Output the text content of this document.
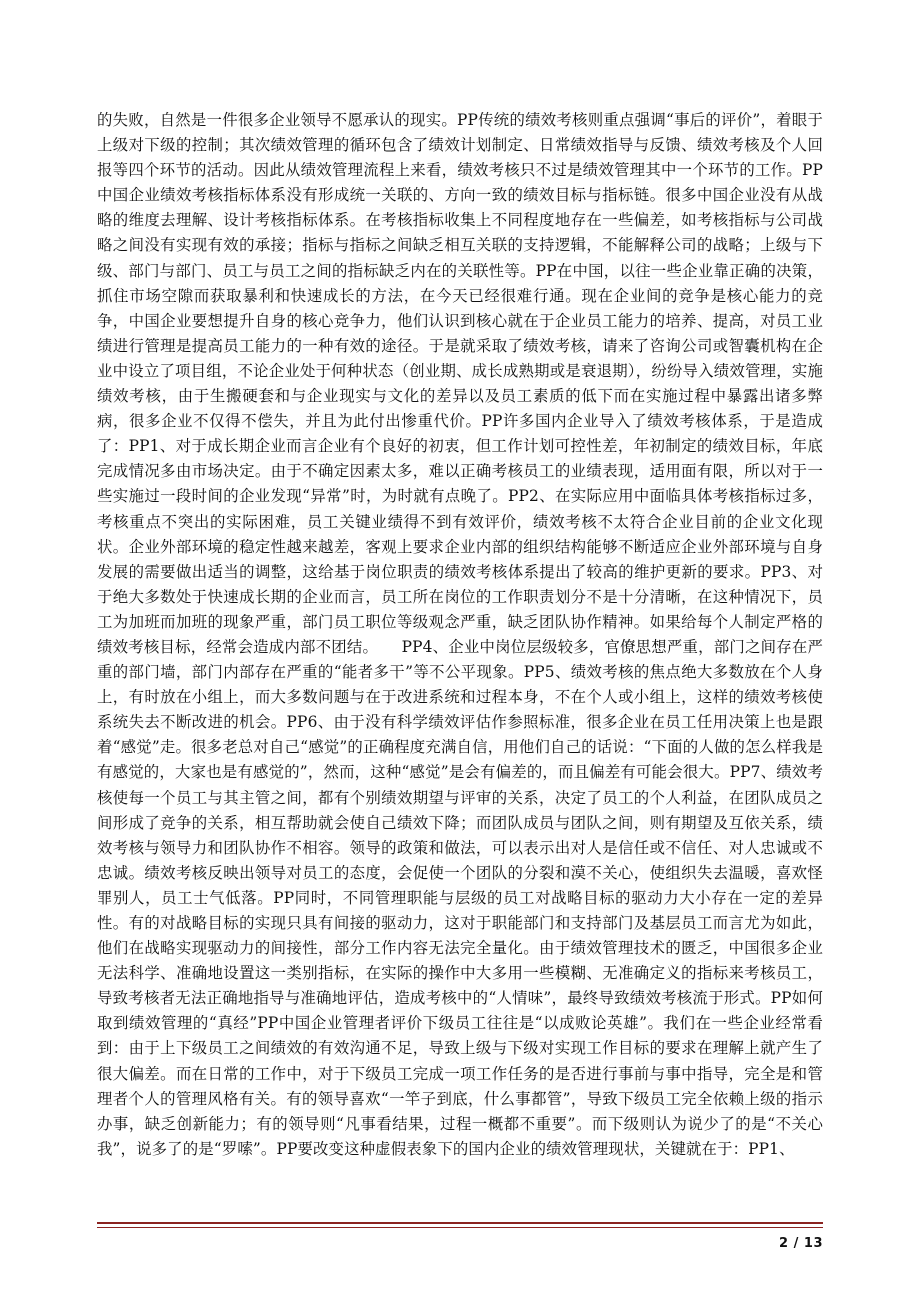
的失败，自然是一件很多企业领导不愿承认的现实。PP传统的绩效考核则重点强调“事后的评价”，着眼于上级对下级的控制；其次绩效管理的循环包含了绩效计划制定、日常绩效指导与反馈、绩效考核及个人回报等四个环节的活动。因此从绩效管理流程上来看，绩效考核只不过是绩效管理其中一个环节的工作。PP中国企业绩效考核指标体系没有形成统一关联的、方向一致的绩效目标与指标链。很多中国企业没有从战略的维度去理解、设计考核指标体系。在考核指标收集上不同程度地存在一些偏差，如考核指标与公司战略之间没有实现有效的承接；指标与指标之间缺乏相互关联的支持逻辑，不能解释公司的战略；上级与下级、部门与部门、员工与员工之间的指标缺乏内在的关联性等。PP在中国，以往一些企业靠正确的决策，抓住市场空隙而获取暴利和快速成长的方法，在今天已经很难行通。现在企业间的竞争是核心能力的竞争，中国企业要想提升自身的核心竞争力，他们认识到核心就在于企业员工能力的培养、提高，对员工业绩进行管理是提高员工能力的一种有效的途径。于是就采取了绩效考核，请来了咨询公司或智囊机构在企业中设立了项目组，不论企业处于何种状态（创业期、成长成熟期或是衰退期），纷纷导入绩效管理，实施绩效考核，由于生搬硬套和与企业现实与文化的差异以及员工素质的低下而在实施过程中暴露出诸多弊病，很多企业不仅得不偿失，并且为此付出惨重代价。PP许多国内企业导入了绩效考核体系，于是造成了：PP1、对于成长期企业而言企业有个良好的初衷，但工作计划可控性差，年初制定的绩效目标，年底完成情况多由市场决定。由于不确定因素太多，难以正确考核员工的业绩表现，适用面有限，所以对于一些实施过一段时间的企业发现“异常”时，为时就有点晚了。PP2、在实际应用中面临具体考核指标过多，考核重点不突出的实际困难，员工关键业绩得不到有效评价，绩效考核不太符合企业目前的企业文化现状。企业外部环境的稳定性越来越差，客观上要求企业内部的组织结构能够不断适应企业外部环境与自身发展的需要做出适当的调整，这给基于岗位职责的绩效考核体系提出了较高的维护更新的要求。PP3、对于绝大多数处于快速成长期的企业而言，员工所在岗位的工作职责划分不是十分清晰，在这种情况下，员工为加班而加班的现象严重，部门员工职位等级观念严重，缺乏团队协作精神。如果给每个人制定严格的绩效考核目标，经常会造成内部不团结。　　PP4、企业中岗位层级较多，官僚思想严重，部门之间存在严重的部门墙，部门内部存在严重的“能者多干”等不公平现象。PP5、绩效考核的焦点绝大多数放在个人身上，有时放在小组上，而大多数问题与在于改进系统和过程本身，不在个人或小组上，这样的绩效考核使系统失去不断改进的机会。PP6、由于没有科学绩效评估作参照标准，很多企业在员工任用决策上也是跟着“感觉”走。很多老总对自己“感觉”的正确程度充满自信，用他们自己的话说：“下面的人做的怎么样我是有感觉的，大家也是有感觉的”，然而，这种“感觉”是会有偏差的，而且偏差有可能会很大。PP7、绩效考核使每一个员工与其主管之间，都有个别绩效期望与评审的关系，决定了员工的个人利益，在团队成员之间形成了竞争的关系，相互帮助就会使自己绩效下降；而团队成员与团队之间，则有期望及互依关系，绩效考核与领导力和团队协作不相容。领导的政策和做法，可以表示出对人是信任或不信任、对人忠诚或不忠诚。绩效考核反映出领导对员工的态度，会促使一个团队的分裂和漠不关心，使组织失去温暖，喜欢怪罪别人，员工士气低落。PP同时，不同管理职能与层级的员工对战略目标的驱动力大小存在一定的差异性。有的对战略目标的实现只具有间接的驱动力，这对于职能部门和支持部门及基层员工而言尤为如此，他们在战略实现驱动力的间接性，部分工作内容无法完全量化。由于绩效管理技术的匮乏，中国很多企业无法科学、准确地设置这一类别指标，在实际的操作中大多用一些模糊、无准确定义的指标来考核员工，导致考核者无法正确地指导与准确地评估，造成考核中的“人情味”，最终导致绩效考核流于形式。PP如何取到绩效管理的“真经”PP中国企业管理者评价下级员工往往是“以成败论英雄”。我们在一些企业经常看到：由于上下级员工之间绩效的有效沟通不足，导致上级与下级对实现工作目标的要求在理解上就产生了很大偏差。而在日常的工作中，对于下级员工完成一项工作任务的是否进行事前与事中指导，完全是和管理者个人的管理风格有关。有的领导喜欢“一竿子到底，什么事都管”，导致下级员工完全依赖上级的指示办事，缺乏创新能力；有的领导则“凡事看结果，过程一概都不重要”。而下级则认为说少了的是“不关心我”，说多了的是“罗嗦”。PP要改变这种虚假表象下的国内企业的绩效管理现状，关键就在于：PP1、

2 / 13
